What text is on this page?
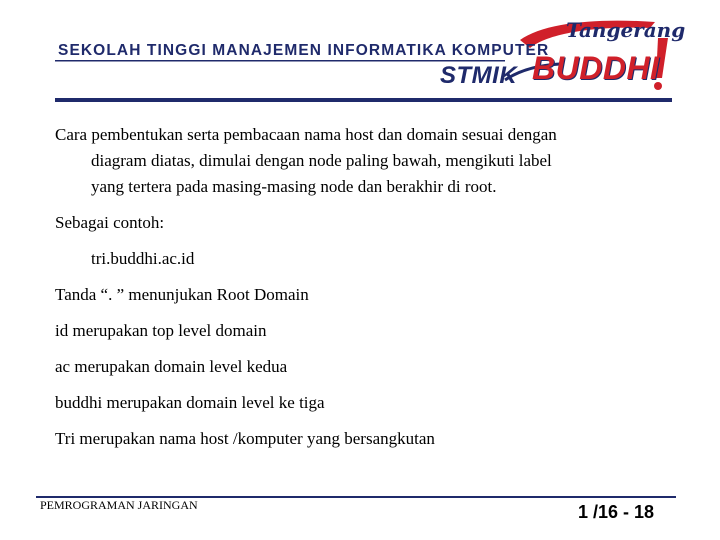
SEKOLAH TINGGI MANAJEMEN INFORMATIKA KOMPUTER
Tangerang
STMIK BUDDHI

Cara pembentukan serta pembacaan nama host dan domain sesuai dengan
diagram diatas, dimulai dengan node paling bawah, mengikuti label
yang tertera pada masing-masing node dan berakhir di root.

Sebagai contoh:

tri.buddhi.ac.id

Tanda “. ” menunjukan Root Domain

id merupakan top level domain

ac merupakan domain level kedua

buddhi merupakan domain level ke tiga

Tri merupakan nama host /komputer yang bersangkutan

PEMROGRAMAN JARINGAN	1 /16 - 18
